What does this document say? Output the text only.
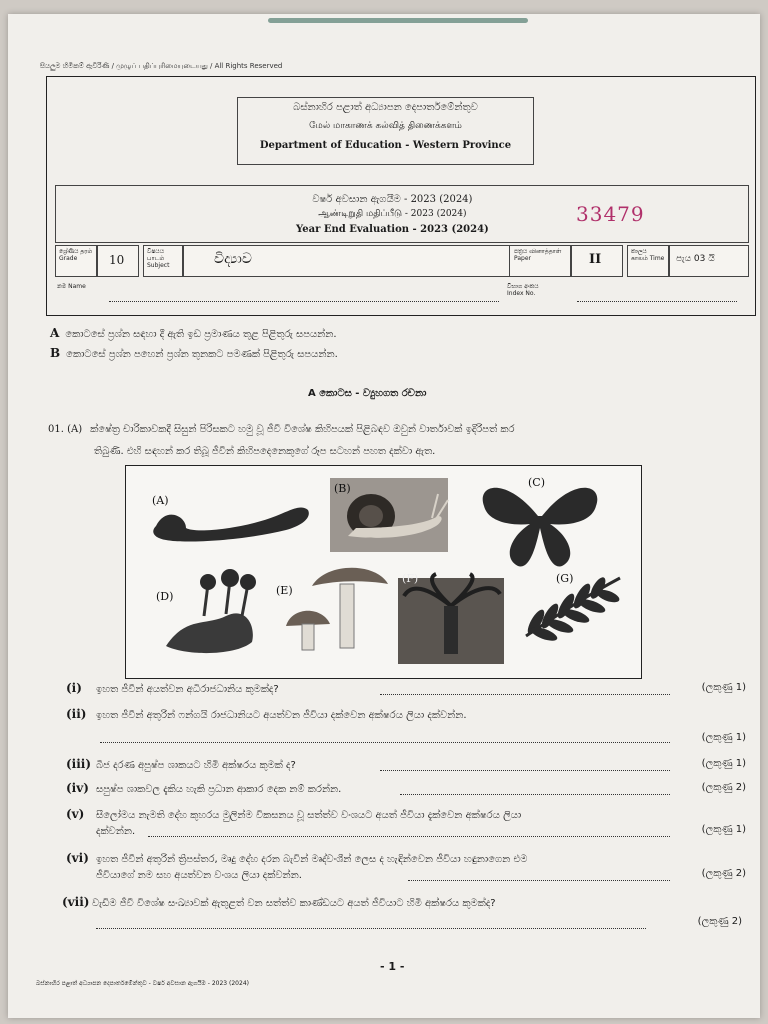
සියලුම හිමිකම් ඇවිරිණි / முழுப் பதிப்புரிமையுடையது / All Rights Reserved
බස්නාහිර පළාත් අධ්‍යාපන දෙපාර්තමේන්තුව
மேல் மாகாணக் கல்வித் திணைக்களம்
Department of Education - Western Province
වර්ෂ අවසාන ඇගයීම - 2023 (2024)
ஆண்டிறுதி மதிப்பீடு - 2023 (2024)
Year End Evaluation - 2023 (2024)
33479
ශ්‍රේණිය தரம் Grade	10
විෂයය பாடம் Subject	විද්‍යාව	පත්‍රය வினாத்தாள் Paper	II
කාලය காலம் Time පැය 03 යි
නම Name	විභාග අංකය Index No.
A කොටසේ ප්‍රශ්න සඳහා දී ඇති ඉඩ ප්‍රමාණය තුළ පිළිතුරු සපයන්න.
B කොටසේ ප්‍රශ්න පහෙන් ප්‍රශ්න තුනකට පමණක් පිළිතුරු සපයන්න.
A කොටස - ව්‍යුහගත රචනා
01. (A) ක්ෂේත්‍ර චාරිකාවකදී සිසුන් පිරිසකට හමු වූ ජීවී විශේෂ කිහිපයක් පිළිබඳව ඔවුන් වාර්තාවක් ඉදිරිපත් කර
තිබුණි. එහි සඳහන් කර තිබූ ජීවීන් කිහිපදෙනෙකුගේ රූප සටහන් පහත දක්වා ඇත.
(A)
(B)	(C)
(D)	(E)
(F)	(G)
(i) ඉහත ජීවීන් අයත්වන අධිරාජධානිය කුමක්ද?	(ලකුණු 1)
(ii) ඉහත ජීවීන් අතුරින් ෆන්ගයි රාජධානියට අයත්වන ජීවියා දක්වෙන අක්ෂරය ලියා දක්වන්න.
(ලකුණු 1)
(iii) බීජ දරණ අපුෂ්ප ශාකයට හිමි අක්ෂරය කුමක් ද?	(ලකුණු 1)
(iv) සපුෂ්ප ශාකවල දැකිය හැකි ප්‍රධාන ආකාර දෙක නම් කරන්න.	(ලකුණු 2)
(v) සීලෝමය නැමති දේහ කුහරය මුලින්ම විකසනය වූ සත්ත්ව වංශයට අයත් ජීවියා දැක්වෙන අක්ෂරය ලියා
දක්වන්න.	(ලකුණු 1)
(vi) ඉහත ජීවීන් අතුරින් ත්‍රිපස්තර, මෘදු දේහ දරන බැවින් මෘද්වංශීන් ලෙස ද හැඳින්වෙන ජීවියා හඳුනාගෙන එම
ජීවියාගේ නම සහ අයත්වන වංශය ලියා දක්වන්න.	(ලකුණු 2)
(vii) වැඩිම ජීවී විශේෂ සංඛ්‍යාවක් ඇතුළත් වන සත්ත්ව කාණ්ඩයට අයත් ජීවියාට හිමි අක්ෂරය කුමක්ද?
(ලකුණු 2)
- 1 -
බස්නාහිර පළාත් අධ්‍යාපන දෙපාර්තමේන්තුව - වර්ෂ අවසාන ඇගයීම - 2023 (2024)
